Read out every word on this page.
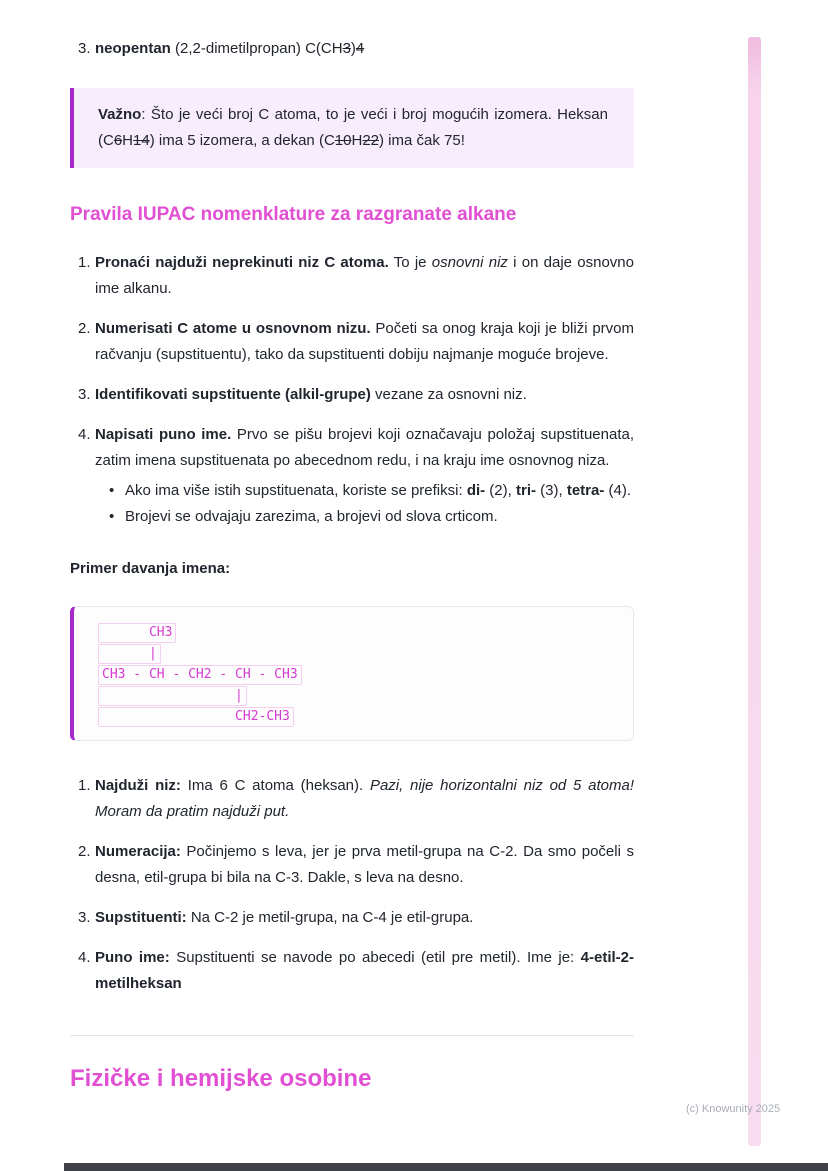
3. neopentan (2,2-dimetilpropan) C(CH3)4
Važno: Što je veći broj C atoma, to je veći i broj mogućih izomera. Heksan (C6H14) ima 5 izomera, a dekan (C10H22) ima čak 75!
Pravila IUPAC nomenklature za razgranate alkane
1. Pronaći najduži neprekinuti niz C atoma. To je osnovni niz i on daje osnovno ime alkanu.
2. Numerisati C atome u osnovnom nizu. Početi sa onog kraja koji je bliži prvom račvanju (supstituentu), tako da supstituenti dobiju najmanje moguće brojeve.
3. Identifikovati supstituente (alkil-grupe) vezane za osnovni niz.
4. Napisati puno ime. Prvo se pišu brojevi koji označavaju položaj supstituenata, zatim imena supstituenata po abecednom redu, i na kraju ime osnovnog niza.
• Ako ima više istih supstituenata, koriste se prefiksi: di- (2), tri- (3), tetra- (4).
• Brojevi se odvajaju zarezima, a brojevi od slova crticom.

Primer davanja imena:

CH3
|
CH3 - CH - CH2 - CH - CH3
|
CH2-CH3
1. Najduži niz: Ima 6 C atoma (heksan). Pazi, nije horizontalni niz od 5 atoma! Moram da pratim najduži put.
2. Numeracija: Počinjemo s leva, jer je prva metil-grupa na C-2. Da smo počeli s desna, etil-grupa bi bila na C-3. Dakle, s leva na desno.
3. Supstituenti: Na C-2 je metil-grupa, na C-4 je etil-grupa.
4. Puno ime: Supstituenti se navode po abecedi (etil pre metil). Ime je: 4-etil-2-metilheksan
Fizičke i hemijske osobine
(c) Knowunity 2025
